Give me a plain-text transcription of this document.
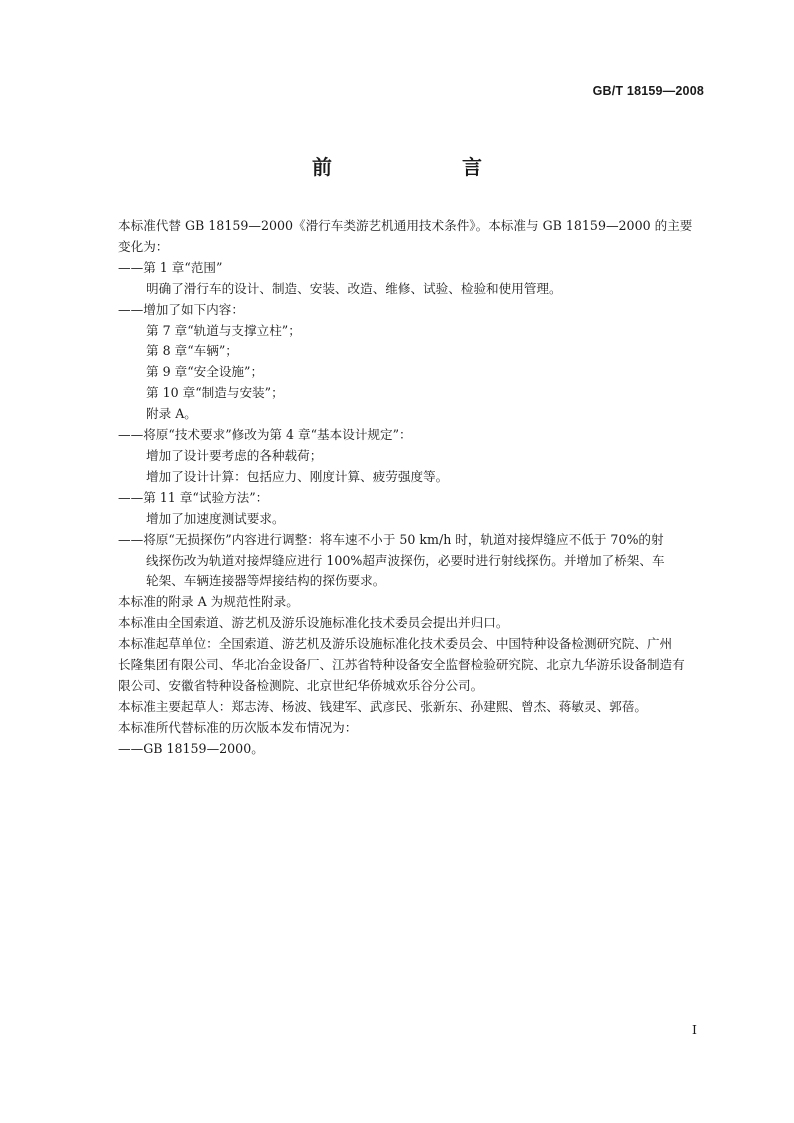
GB/T 18159—2008
前　　言
本标准代替 GB 18159—2000《滑行车类游艺机通用技术条件》。本标准与 GB 18159—2000 的主要
变化为：
——第 1 章“范围”
明确了滑行车的设计、制造、安装、改造、维修、试验、检验和使用管理。
——增加了如下内容：
第 7 章“轨道与支撑立柱”；
第 8 章“车辆”；
第 9 章“安全设施”；
第 10 章“制造与安装”；
附录 A。
——将原“技术要求”修改为第 4 章“基本设计规定”：
增加了设计要考虑的各种载荷；
增加了设计计算：包括应力、刚度计算、疲劳强度等。
——第 11 章“试验方法”：
增加了加速度测试要求。
——将原“无损探伤”内容进行调整：将车速不小于 50 km/h 时，轨道对接焊缝应不低于 70%的射
线探伤改为轨道对接焊缝应进行 100%超声波探伤，必要时进行射线探伤。并增加了桥架、车
轮架、车辆连接器等焊接结构的探伤要求。
本标准的附录 A 为规范性附录。
本标准由全国索道、游艺机及游乐设施标准化技术委员会提出并归口。
本标准起草单位：全国索道、游艺机及游乐设施标准化技术委员会、中国特种设备检测研究院、广州
长隆集团有限公司、华北冶金设备厂、江苏省特种设备安全监督检验研究院、北京九华游乐设备制造有
限公司、安徽省特种设备检测院、北京世纪华侨城欢乐谷分公司。
本标准主要起草人：郑志涛、杨波、钱建军、武彦民、张新东、孙建熙、曾杰、蒋敏灵、郭蓓。
本标准所代替标准的历次版本发布情况为：
——GB 18159—2000。
I
